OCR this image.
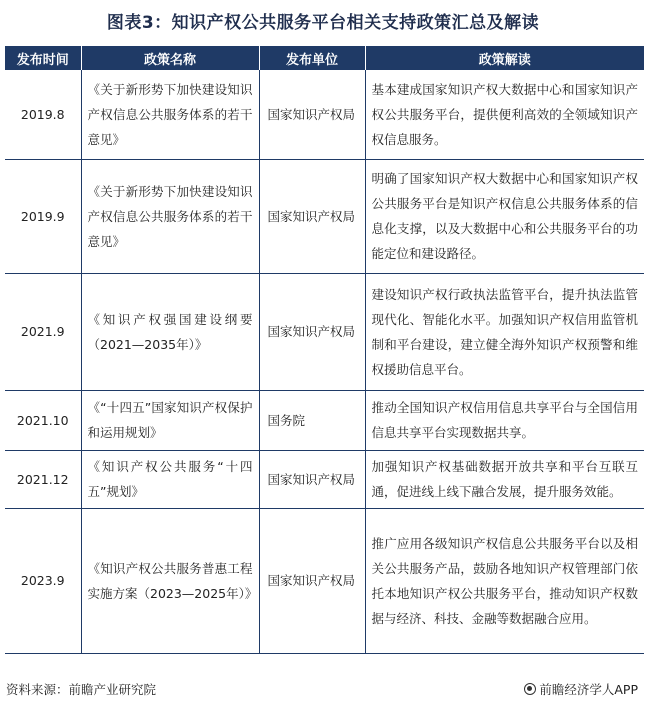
图表3：知识产权公共服务平台相关支持政策汇总及解读
发布时间	政策名称	发布单位	政策解读
2019.8	《关于新形势下加快建设知识产权信息公共服务体系的若干意见》	国家知识产权局	基本建成国家知识产权大数据中心和国家知识产权公共服务平台，提供便利高效的全领域知识产权信息服务。
2019.9	《关于新形势下加快建设知识产权信息公共服务体系的若干意见》	国家知识产权局	明确了国家知识产权大数据中心和国家知识产权公共服务平台是知识产权信息公共服务体系的信息化支撑，以及大数据中心和公共服务平台的功能定位和建设路径。
2021.9	《知识产权强国建设纲要（2021—2035年）》	国家知识产权局	建设知识产权行政执法监管平台，提升执法监管现代化、智能化水平。加强知识产权信用监管机制和平台建设，建立健全海外知识产权预警和维权援助信息平台。
2021.10	《“十四五”国家知识产权保护和运用规划》	国务院	推动全国知识产权信用信息共享平台与全国信用信息共享平台实现数据共享。
2021.12	《知识产权公共服务“十四五”规划》	国家知识产权局	加强知识产权基础数据开放共享和平台互联互通，促进线上线下融合发展，提升服务效能。
2023.9	《知识产权公共服务普惠工程实施方案（2023—2025年）》	国家知识产权局	推广应用各级知识产权信息公共服务平台以及相关公共服务产品，鼓励各地知识产权管理部门依托本地知识产权公共服务平台，推动知识产权数据与经济、科技、金融等数据融合应用。
资料来源：前瞻产业研究院	前瞻经济学人APP
